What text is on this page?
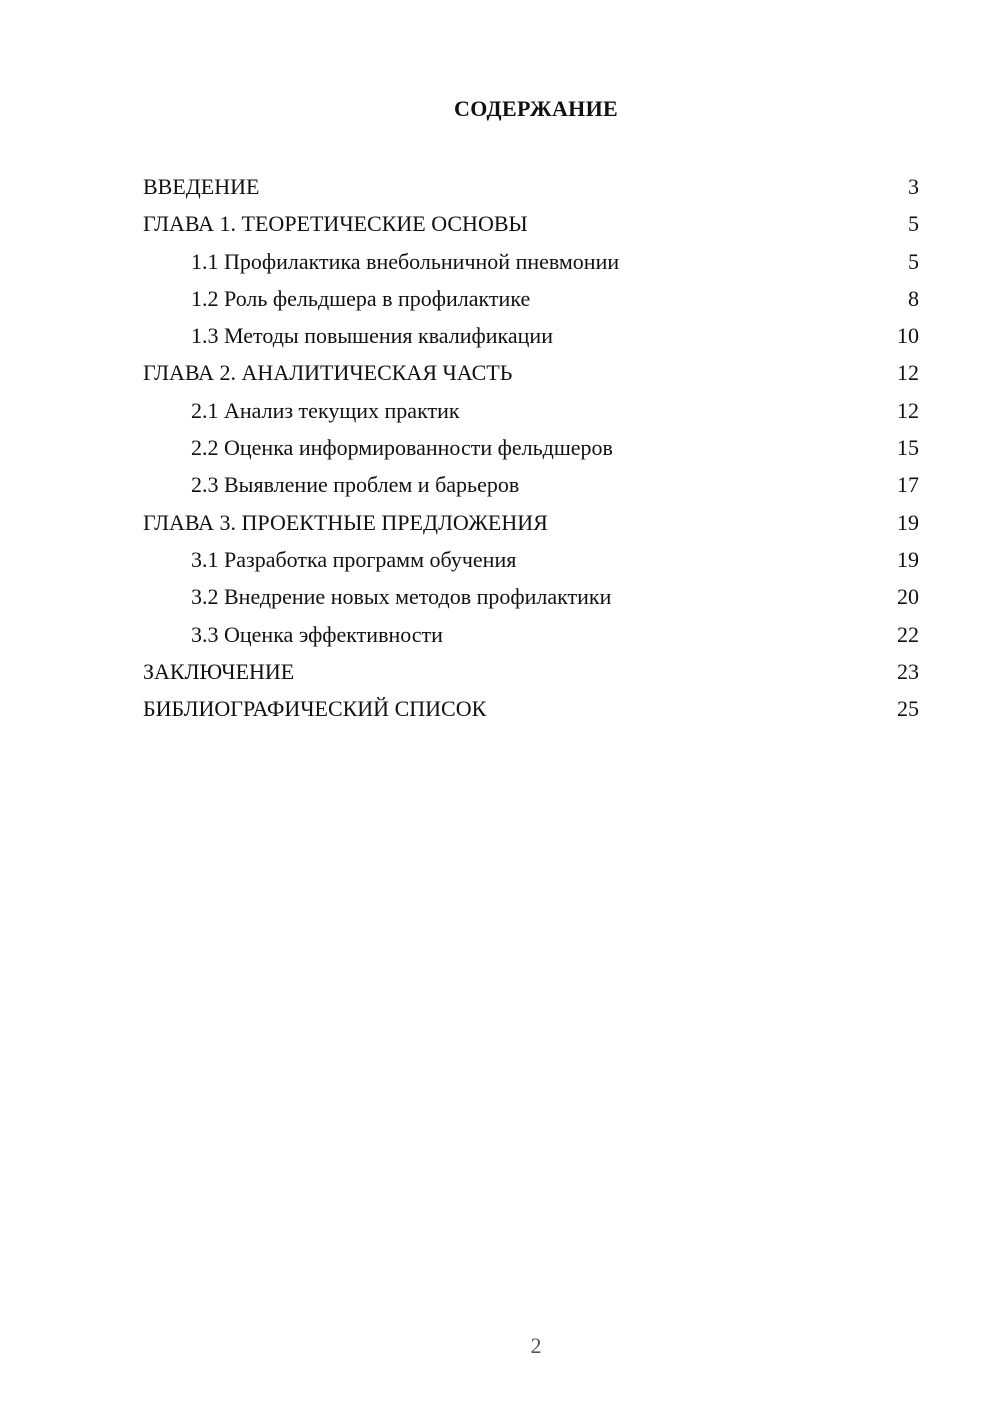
СОДЕРЖАНИЕ
ВВЕДЕНИЕ	3
ГЛАВА 1. ТЕОРЕТИЧЕСКИЕ ОСНОВЫ	5
1.1 Профилактика внебольничной пневмонии	5
1.2 Роль фельдшера в профилактике	8
1.3 Методы повышения квалификации	10
ГЛАВА 2. АНАЛИТИЧЕСКАЯ ЧАСТЬ	12
2.1 Анализ текущих практик	12
2.2 Оценка информированности фельдшеров	15
2.3 Выявление проблем и барьеров	17
ГЛАВА 3. ПРОЕКТНЫЕ ПРЕДЛОЖЕНИЯ	19
3.1 Разработка программ обучения	19
3.2 Внедрение новых методов профилактики	20
3.3 Оценка эффективности	22
ЗАКЛЮЧЕНИЕ	23
БИБЛИОГРАФИЧЕСКИЙ СПИСОК	25
2
